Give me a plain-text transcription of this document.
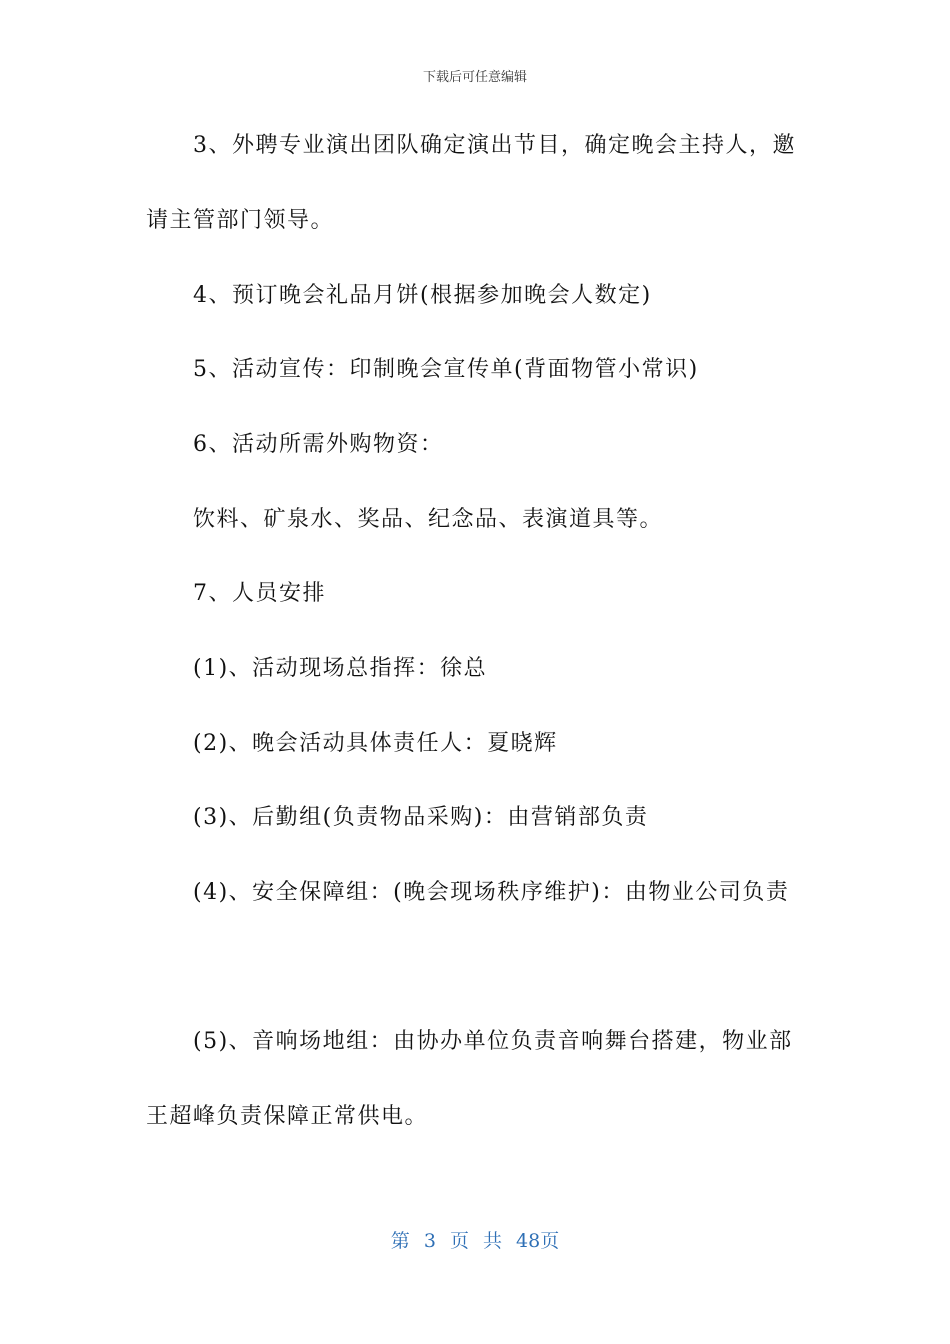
下载后可任意编辑
3、外聘专业演出团队确定演出节目，确定晚会主持人，邀
请主管部门领导。
4、预订晚会礼品月饼(根据参加晚会人数定)
5、活动宣传：印制晚会宣传单(背面物管小常识)
6、活动所需外购物资：
饮料、矿泉水、奖品、纪念品、表演道具等。
7、人员安排
(1)、活动现场总指挥：徐总
(2)、晚会活动具体责任人：夏晓辉
(3)、后勤组(负责物品采购)：由营销部负责
(4)、安全保障组：(晚会现场秩序维护)：由物业公司负责
(5)、音响场地组：由协办单位负责音响舞台搭建，物业部
王超峰负责保障正常供电。
第 3 页 共 48页
